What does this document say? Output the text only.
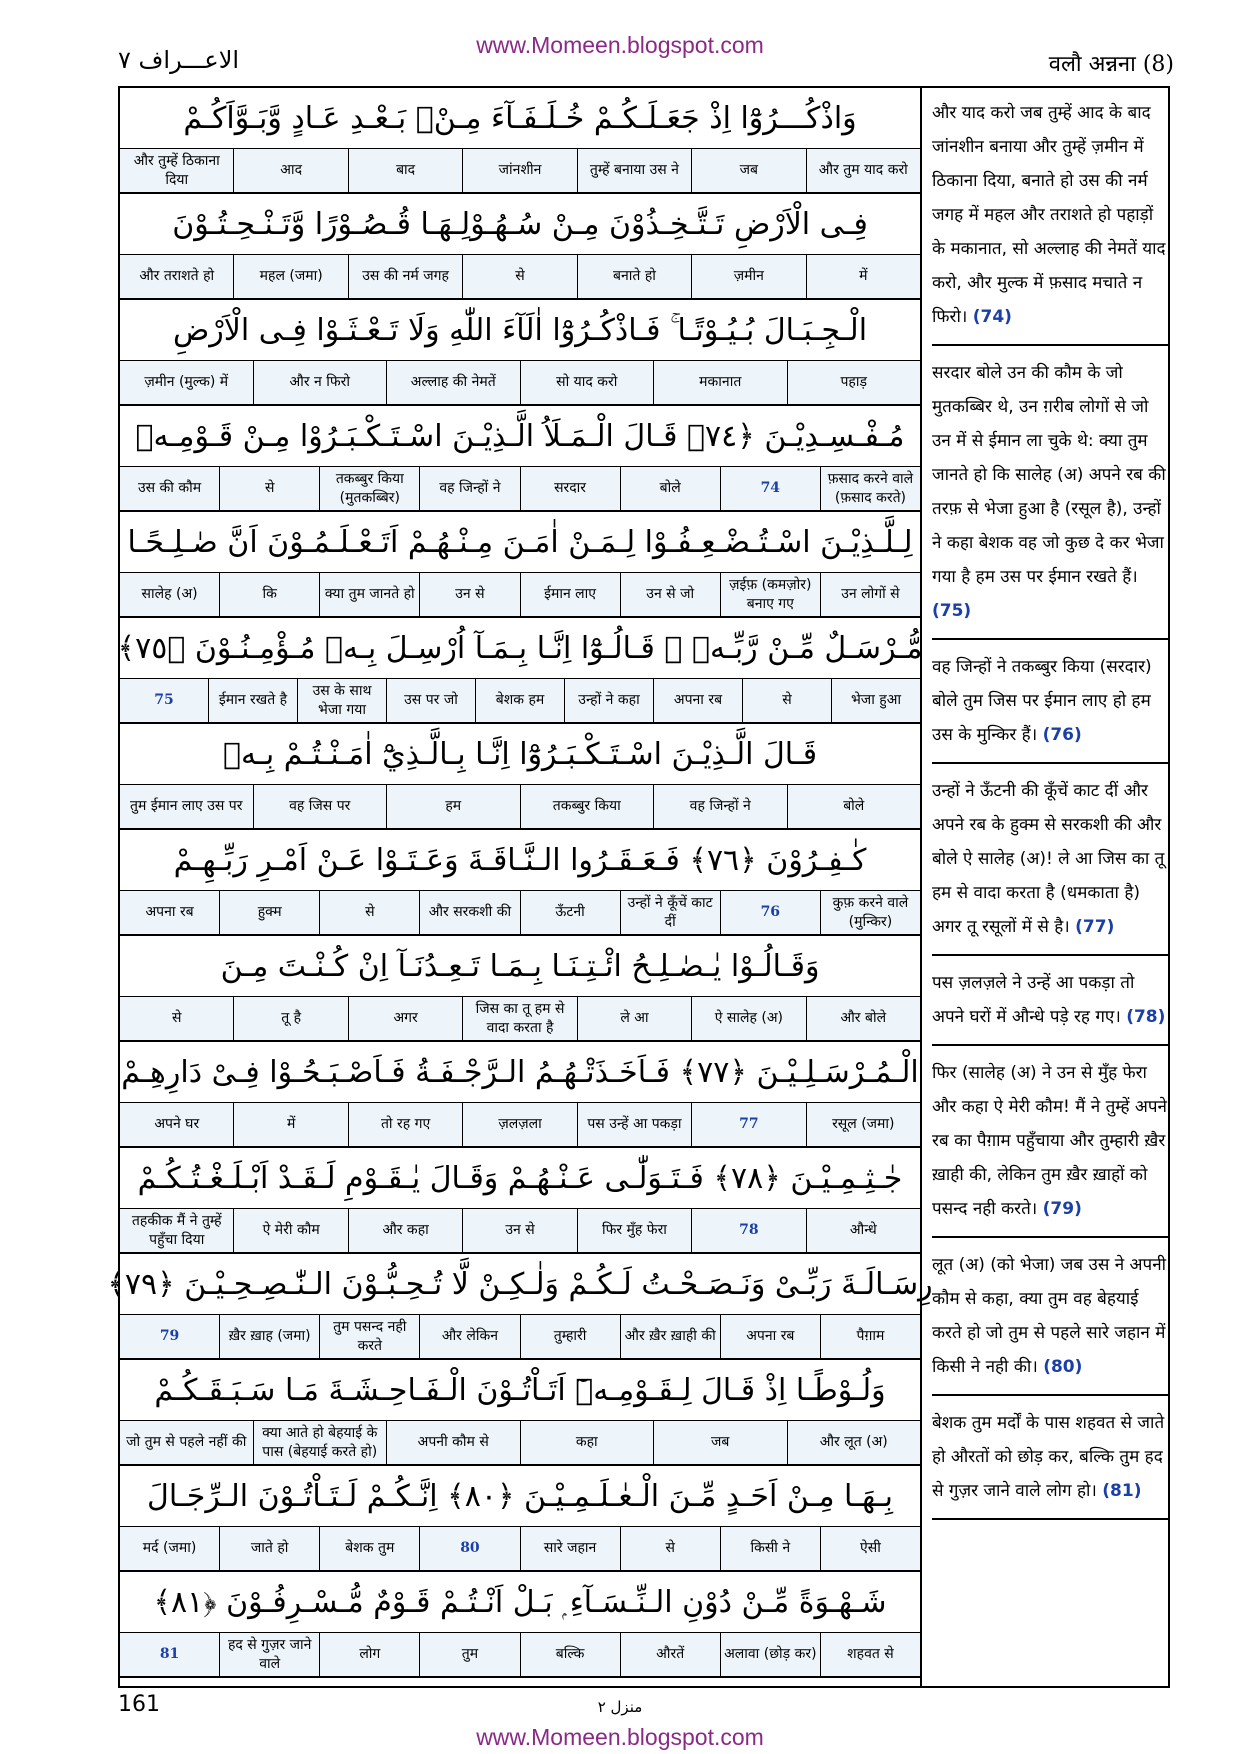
www.Momeen.blogspot.com
الاعـــراف ۷	वलौ अन्नना (8)
وَاذْكُـــرُوْٓا اِذْ جَعَـلَـكُـمْ خُـلَـفَـآءَ مِـنْۢ بَـعْـدِ عَـادٍ وَّبَـوَّاَكُـمْ
और तुम याद करो
जब
तुम्हें बनाया उस ने
जांनशीन
बाद
आद
और तुम्हें ठिकाना दिया
فِـى الْاَرْضِ تَـتَّـخِـذُوْنَ مِـنْ سُـهُـوْلِـهَـا قُـصُـوْرًا وَّتَـنْـحِـتُـوْنَ
में
ज़मीन
बनाते हो
से
उस की नर्म जगह
महल (जमा)
और तराशते हो
الْـجِـبَـالَ بُـيُـوْتًـا ۚ فَـاذْكُـرُوْٓا اٰلَآءَ اللّٰهِ وَلَا تَـعْـثَـوْا فِـى الْاَرْضِ
पहाड़
मकानात
सो याद करो
अल्लाह की नेमतें
और न फिरो
ज़मीन (मुल्क) में
مُـفْـسِـدِيْـنَ ﴿٧٤﴾ قَـالَ الْـمَـلَاُ الَّـذِيْـنَ اسْـتَـكْـبَـرُوْا مِـنْ قَـوْمِـهٖ
फ़साद करने वाले (फ़साद करते)
74
बोले
सरदार
वह जिन्हों ने
तकब्बुर किया (मुतकब्बिर)
से
उस की कौम
لِـلَّـذِيْـنَ اسْـتُـضْـعِـفُـوْا لِـمَـنْ اٰمَـنَ مِـنْـهُـمْ اَتَـعْـلَـمُـوْنَ اَنَّ صٰـلِـحًـا
उन लोगों से
ज़ईफ़ (कमज़ोर) बनाए गए
उन से जो
ईमान लाए
उन से
क्या तुम जानते हो
कि
सालेह (अ)
مُّـرْسَـلٌ مِّـنْ رَّبِّـهٖ ۭ قَـالُـوْٓا اِنَّـا بِـمَـآ اُرْسِـلَ بِـهٖ مُـؤْمِـنُـوْنَ ﴿٧٥﴾
भेजा हुआ
से
अपना रब
उन्हों ने कहा
बेशक हम
उस पर जो
उस के साथ भेजा गया
ईमान रखते है
75
قَـالَ الَّـذِيْـنَ اسْـتَـكْـبَـرُوْٓا اِنَّـا بِـالَّـذِيْٓ اٰمَـنْـتُـمْ بِـهٖ
बोले
वह जिन्हों ने
तकब्बुर किया
हम
वह जिस पर
तुम ईमान लाए उस पर
كٰـفِـرُوْنَ ﴿٧٦﴾ فَـعَـقَـرُوا الـنَّـاقَـةَ وَعَـتَـوْا عَـنْ اَمْـرِ رَبِّـهِـمْ
कुफ़ करने वाले (मुन्किर)
76
उन्हों ने कूँचें काट दीं
ऊँटनी
और सरकशी की
से
हुक्म
अपना रब
وَقَـالُـوْا يٰـصٰـلِـحُ ائْـتِـنَـا بِـمَـا تَـعِـدُنَـآ اِنْ كُـنْـتَ مِـنَ
और बोले
ऐ सालेह (अ)
ले आ
जिस का तू हम से वादा करता है
अगर
तू है
से
الْـمُـرْسَـلِـيْـنَ ﴿٧٧﴾ فَـاَخَـذَتْـهُـمُ الـرَّجْـفَـةُ فَـاَصْـبَـحُـوْا فِـىْ دَارِهِـمْ
रसूल (जमा)
77
पस उन्हें आ पकड़ा
ज़लज़ला
तो रह गए
में
अपने घर
جٰـثِـمِـيْـنَ ﴿٧٨﴾ فَـتَـوَلّٰـى عَـنْـهُـمْ وَقَـالَ يٰـقَـوْمِ لَـقَـدْ اَبْـلَـغْـتُـكُـمْ
औन्धे
78
फिर मुँह फेरा
उन से
और कहा
ऐ मेरी कौम
तहकीक मैं ने तुम्हें पहुँचा दिया
رِسَـالَـةَ رَبِّـىْ وَنَـصَـحْـتُ لَـكُـمْ وَلٰـكِـنْ لَّا تُـحِـبُّـوْنَ الـنّٰـصِـحِـيْـنَ ﴿٧٩﴾
पैग़ाम
अपना रब
और ख़ैर ख़ाही की
तुम्हारी
और लेकिन
तुम पसन्द नही करते
ख़ैर ख़ाह (जमा)
79
وَلُـوْطًـا اِذْ قَـالَ لِـقَـوْمِـهٖٓ اَتَـاْتُـوْنَ الْـفَـاحِـشَـةَ مَـا سَـبَـقَـكُـمْ
और लूत (अ)
जब
कहा
अपनी कौम से
क्या आते हो बेहयाई के पास (बेहयाई करते हो)
जो तुम से पहले नहीं की
بِـهَـا مِـنْ اَحَـدٍ مِّـنَ الْـعٰـلَـمِـيْـنَ ﴿٨٠﴾ اِنَّـكُـمْ لَـتَـاْتُـوْنَ الـرِّجَـالَ
ऐसी
किसी ने
से
सारे जहान
80
बेशक तुम
जाते हो
मर्द (जमा)
شَـهْـوَةً مِّـنْ دُوْنِ الـنِّـسَـآءِ ۭ بَـلْ اَنْـتُـمْ قَـوْمٌ مُّـسْـرِفُـوْنَ ﴿٨١﴾
शहवत से
अलावा (छोड़ कर)
औरतें
बल्कि
तुम
लोग
हद से गुज़र जाने वाले
81

और याद करो जब तुम्हें आद के बाद जांनशीन बनाया और तुम्हें ज़मीन में ठिकाना दिया, बनाते हो उस की नर्म जगह में महल और तराशते हो पहाड़ों के मकानात, सो अल्लाह की नेमतें याद करो, और मुल्क में फ़साद मचाते न फिरो। (74)

सरदार बोले उन की कौम के जो मुतकब्बिर थे, उन ग़रीब लोगों से जो उन में से ईमान ला चुके थे: क्या तुम जानते हो कि सालेह (अ) अपने रब की तरफ़ से भेजा हुआ है (रसूल है), उन्हों ने कहा बेशक वह जो कुछ दे कर भेजा गया है हम उस पर ईमान रखते हैं। (75)

वह जिन्हों ने तकब्बुर किया (सरदार) बोले तुम जिस पर ईमान लाए हो हम उस के मुन्किर हैं। (76)

उन्हों ने ऊँटनी की कूँचें काट दीं और अपने रब के हुक्म से सरकशी की और बोले ऐ सालेह (अ)! ले आ जिस का तू हम से वादा करता है (धमकाता है) अगर तू रसूलों में से है। (77)

पस ज़लज़ले ने उन्हें आ पकड़ा तो अपने घरों में औन्धे पड़े रह गए। (78)

फिर (सालेह (अ) ने उन से मुँह फेरा और कहा ऐ मेरी कौम! मैं ने तुम्हें अपने रब का पैग़ाम पहुँचाया और तुम्हारी ख़ैर ख़ाही की, लेकिन तुम ख़ैर ख़ाहों को पसन्द नही करते। (79)

लूत (अ) (को भेजा) जब उस ने अपनी कौम से कहा, क्या तुम वह बेहयाई करते हो जो तुम से पहले सारे जहान में किसी ने नही की। (80)

बेशक तुम मर्दों के पास शहवत से जाते हो औरतों को छोड़ कर, बल्कि तुम हद से गुज़र जाने वाले लोग हो। (81)

161	منزل ٢
www.Momeen.blogspot.com
